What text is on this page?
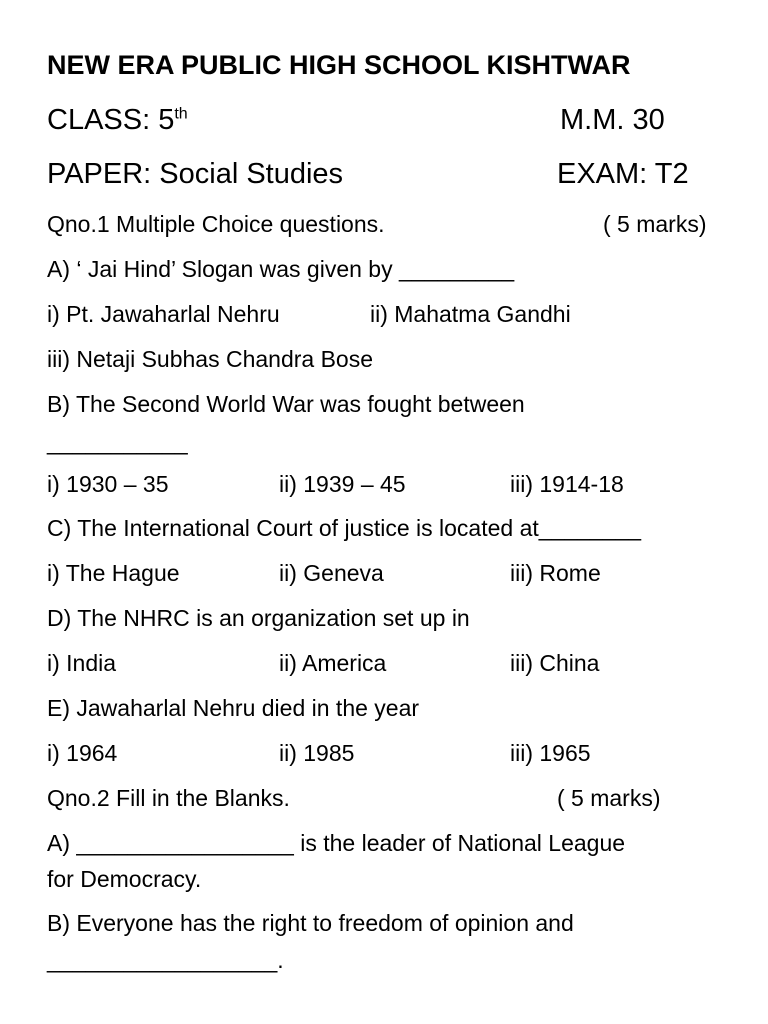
NEW ERA PUBLIC HIGH SCHOOL KISHTWAR
CLASS: 5th	M.M. 30
PAPER: Social Studies	EXAM: T2
Qno.1 Multiple Choice questions.	( 5 marks)
A) ‘ Jai Hind’ Slogan was given by _________
i) Pt. Jawaharlal Nehru	ii) Mahatma Gandhi
iii) Netaji Subhas Chandra Bose
B) The Second World War was fought between
___________
i) 1930 – 35	ii) 1939 – 45	iii) 1914-18
C) The International Court of justice is located at________
i) The Hague	ii) Geneva	iii) Rome
D) The NHRC is an organization set up in
i) India	ii) America	iii) China
E) Jawaharlal Nehru died in the year
i) 1964	ii) 1985	iii) 1965
Qno.2 Fill in the Blanks.	( 5 marks)
A) _________________ is the leader of National League
for Democracy.
B) Everyone has the right to freedom of opinion and
__________________.
